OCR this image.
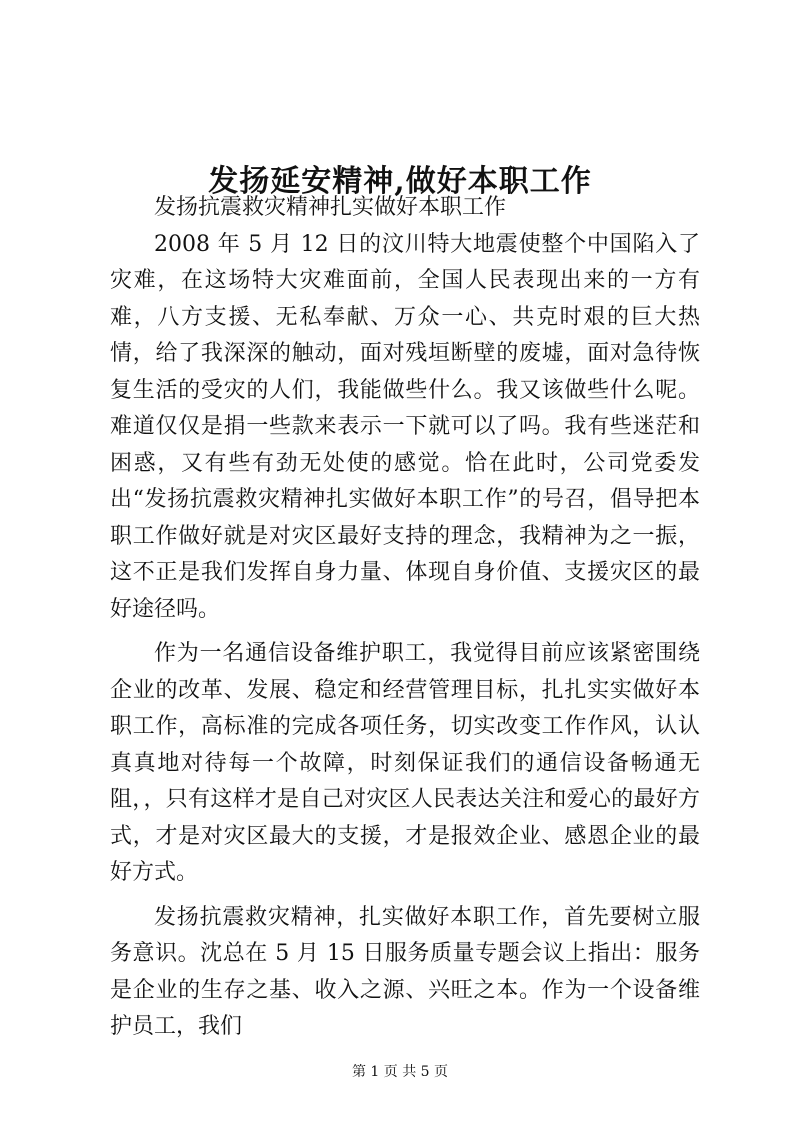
发扬延安精神,做好本职工作

发扬抗震救灾精神扎实做好本职工作

2008 年 5 月 12 日的汶川特大地震使整个中国陷入了灾难，在这场特大灾难面前，全国人民表现出来的一方有难，八方支援、无私奉献、万众一心、共克时艰的巨大热情，给了我深深的触动，面对残垣断壁的废墟，面对急待恢复生活的受灾的人们，我能做些什么。我又该做些什么呢。难道仅仅是捐一些款来表示一下就可以了吗。我有些迷茫和困惑，又有些有劲无处使的感觉。恰在此时，公司党委发出“发扬抗震救灾精神扎实做好本职工作”的号召，倡导把本职工作做好就是对灾区最好支持的理念，我精神为之一振，这不正是我们发挥自身力量、体现自身价值、支援灾区的最好途径吗。

作为一名通信设备维护职工，我觉得目前应该紧密围绕企业的改革、发展、稳定和经营管理目标，扎扎实实做好本职工作，高标准的完成各项任务，切实改变工作作风，认认真真地对待每一个故障，时刻保证我们的通信设备畅通无阻，，只有这样才是自己对灾区人民表达关注和爱心的最好方式，才是对灾区最大的支援，才是报效企业、感恩企业的最好方式。

发扬抗震救灾精神，扎实做好本职工作，首先要树立服务意识。沈总在 5 月 15 日服务质量专题会议上指出：服务是企业的生存之基、收入之源、兴旺之本。作为一个设备维护员工，我们

第 1 页 共 5 页
